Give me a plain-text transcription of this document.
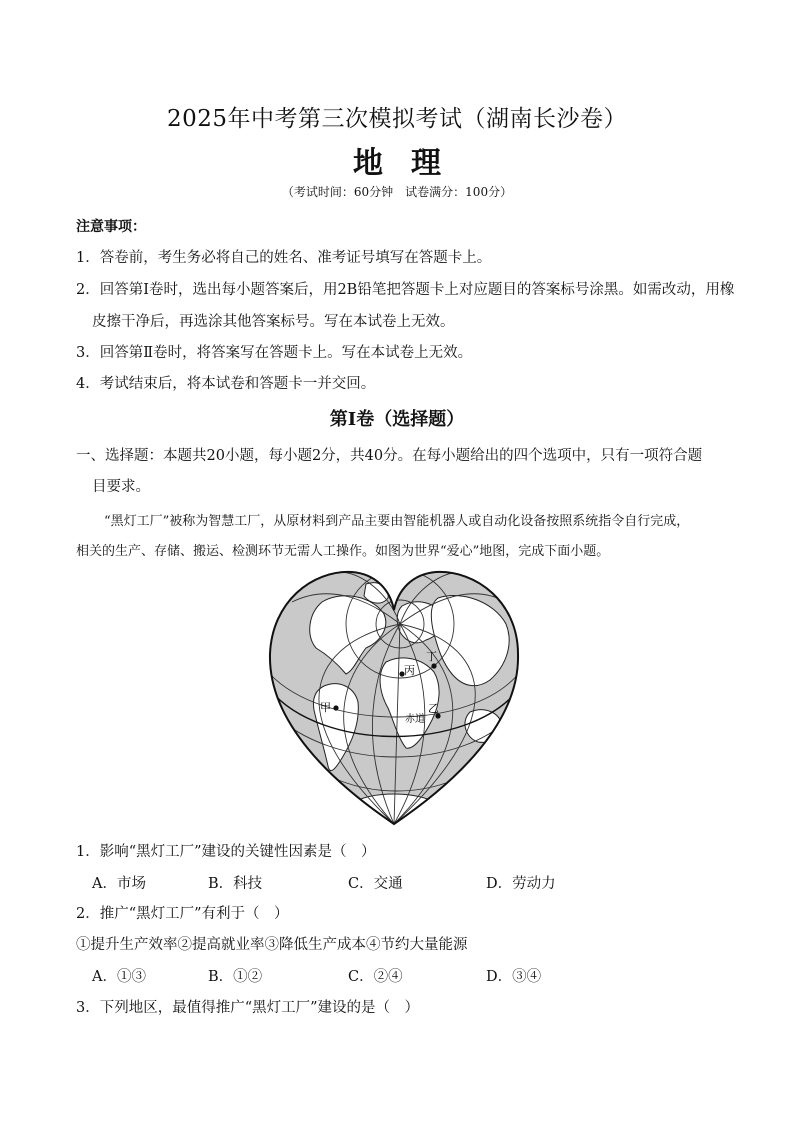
2025年中考第三次模拟考试（湖南长沙卷）
地理
（考试时间：60分钟　试卷满分：100分）
注意事项：
1．答卷前，考生务必将自己的姓名、准考证号填写在答题卡上。
2．回答第Ⅰ卷时，选出每小题答案后，用2B铅笔把答题卡上对应题目的答案标号涂黑。如需改动，用橡
皮擦干净后，再选涂其他答案标号。写在本试卷上无效。
3．回答第Ⅱ卷时，将答案写在答题卡上。写在本试卷上无效。
4．考试结束后，将本试卷和答题卡一并交回。
第Ⅰ卷（选择题）
一、选择题：本题共20小题，每小题2分，共40分。在每小题给出的四个选项中，只有一项符合题
目要求。
“黑灯工厂”被称为智慧工厂，从原材料到产品主要由智能机器人或自动化设备按照系统指令自行完成，
相关的生产、存储、搬运、检测环节无需人工操作。如图为世界“爱心”地图，完成下面小题。
甲	乙
丙
丁
赤道
1．影响“黑灯工厂”建设的关键性因素是（　）
A．市场	B．科技	C．交通	D．劳动力
2．推广“黑灯工厂”有利于（　）
①提升生产效率②提高就业率③降低生产成本④节约大量能源
A．①③	B．①②	C．②④	D．③④
3．下列地区，最值得推广“黑灯工厂”建设的是（　）
